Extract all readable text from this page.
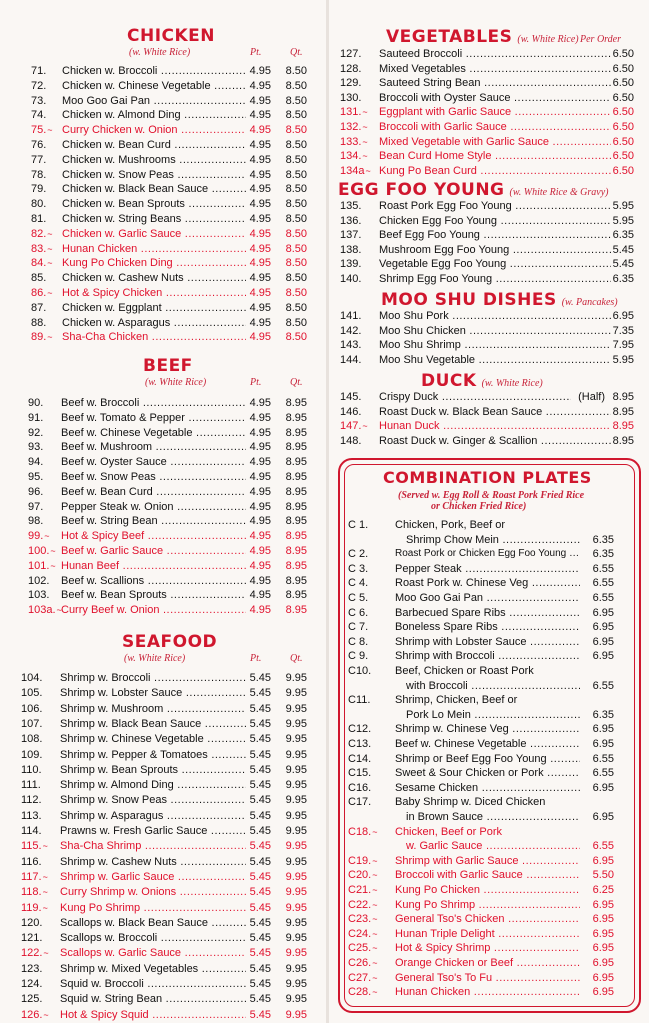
CHICKEN
(w. White Rice)	Pt.	Qt.
71. Chicken w. Broccoli .....	4.95	8.50
72. Chicken w. Chinese Vegetable .....	4.95	8.50
73. Moo Goo Gai Pan .....	4.95	8.50
74. Chicken w. Almond Ding .....	4.95	8.50
75.~ Curry Chicken w. Onion .....	4.95	8.50
76. Chicken w. Bean Curd .....	4.95	8.50
77. Chicken w. Mushrooms .....	4.95	8.50
78. Chicken w. Snow Peas .....	4.95	8.50
79. Chicken w. Black Bean Sauce .....	4.95	8.50
80. Chicken w. Bean Sprouts .....	4.95	8.50
81. Chicken w. String Beans .....	4.95	8.50
82.~ Chicken w. Garlic Sauce .....	4.95	8.50
83.~ Hunan Chicken .....	4.95	8.50
84.~ Kung Po Chicken Ding .....	4.95	8.50
85. Chicken w. Cashew Nuts .....	4.95	8.50
86.~ Hot & Spicy Chicken .....	4.95	8.50
87. Chicken w. Eggplant .....	4.95	8.50
88. Chicken w. Asparagus .....	4.95	8.50
89.~ Sha-Cha Chicken .....	4.95	8.50
BEEF
(w. White Rice)	Pt.	Qt.
90. Beef w. Broccoli .....	4.95	8.95
91. Beef w. Tomato & Pepper .....	4.95	8.95
92. Beef w. Chinese Vegetable .....	4.95	8.95
93. Beef w. Mushroom .....	4.95	8.95
94. Beef w. Oyster Sauce .....	4.95	8.95
95. Beef w. Snow Peas .....	4.95	8.95
96. Beef w. Bean Curd .....	4.95	8.95
97. Pepper Steak w. Onion .....	4.95	8.95
98. Beef w. String Bean .....	4.95	8.95
99.~ Hot & Spicy Beef .....	4.95	8.95
100.~ Beef w. Garlic Sauce .....	4.95	8.95
101.~ Hunan Beef .....	4.95	8.95
102. Beef w. Scallions .....	4.95	8.95
103. Beef w. Bean Sprouts .....	4.95	8.95
103a.~ Curry Beef w. Onion .....	4.95	8.95
SEAFOOD
(w. White Rice)	Pt.	Qt.
104. Shrimp w. Broccoli .....	5.45	9.95
105. Shrimp w. Lobster Sauce .....	5.45	9.95
106. Shrimp w. Mushroom .....	5.45	9.95
107. Shrimp w. Black Bean Sauce .....	5.45	9.95
108. Shrimp w. Chinese Vegetable .....	5.45	9.95
109. Shrimp w. Pepper & Tomatoes .....	5.45	9.95
110. Shrimp w. Bean Sprouts .....	5.45	9.95
111. Shrimp w. Almond Ding .....	5.45	9.95
112. Shrimp w. Snow Peas .....	5.45	9.95
113. Shrimp w. Asparagus .....	5.45	9.95
114. Prawns w. Fresh Garlic Sauce .....	5.45	9.95
115.~ Sha-Cha Shrimp .....	5.45	9.95
116. Shrimp w. Cashew Nuts .....	5.45	9.95
117.~ Shrimp w. Garlic Sauce .....	5.45	9.95
118.~ Curry Shrimp w. Onions .....	5.45	9.95
119.~ Kung Po Shrimp .....	5.45	9.95
120. Scallops w. Black Bean Sauce .....	5.45	9.95
121. Scallops w. Broccoli .....	5.45	9.95
122.~ Scallops w. Garlic Sauce .....	5.45	9.95
123. Shrimp w. Mixed Vegetables .....	5.45	9.95
124. Squid w. Broccoli .....	5.45	9.95
125. Squid w. String Bean .....	5.45	9.95
126.~ Hot & Spicy Squid .....	5.45	9.95
VEGETABLES (w. White Rice) Per Order
127. Sauteed Broccoli .....	6.50
128. Mixed Vegetables .....	6.50
129. Sauteed String Bean .....	6.50
130. Broccoli with Oyster Sauce .....	6.50
131.~ Eggplant with Garlic Sauce .....	6.50
132.~ Broccoli with Garlic Sauce .....	6.50
133.~ Mixed Vegetable with Garlic Sauce .....	6.50
134.~ Bean Curd Home Style .....	6.50
134a~ Kung Po Bean Curd .....	6.50
EGG FOO YOUNG (w. White Rice & Gravy)
135. Roast Pork Egg Foo Young .....	5.95
136. Chicken Egg Foo Young .....	5.95
137. Beef Egg Foo Young .....	6.35
138. Mushroom Egg Foo Young .....	5.45
139. Vegetable Egg Foo Young .....	5.45
140. Shrimp Egg Foo Young .....	6.35
MOO SHU DISHES (w. Pancakes)
141. Moo Shu Pork .....	6.95
142. Moo Shu Chicken .....	7.35
143. Moo Shu Shrimp .....	7.95
144. Moo Shu Vegetable .....	5.95
DUCK (w. White Rice)
145. Crispy Duck .....	(Half) 8.95
146. Roast Duck w. Black Bean Sauce .....	8.95
147.~ Hunan Duck .....	8.95
148. Roast Duck w. Ginger & Scallion .....	8.95
COMBINATION PLATES
(Served w. Egg Roll & Roast Pork Fried Rice
or Chicken Fried Rice)
C 1. Chicken, Pork, Beef or
Shrimp Chow Mein .....	6.35
C 2.	Roast Pork or Chicken Egg Foo Young .....	6.35
C 3. Pepper Steak .....	6.55
C 4. Roast Pork w. Chinese Veg .....	6.55
C 5. Moo Goo Gai Pan .....	6.55
C 6. Barbecued Spare Ribs .....	6.95
C 7. Boneless Spare Ribs .....	6.95
C 8. Shrimp with Lobster Sauce .....	6.95
C 9. Shrimp with Broccoli .....	6.95
C10. Beef, Chicken or Roast Pork
with Broccoli .....	6.55
C11. Shrimp, Chicken, Beef or
Pork Lo Mein .....	6.35
C12. Shrimp w. Chinese Veg .....	6.95
C13. Beef w. Chinese Vegetable .....	6.95
C14. Shrimp or Beef Egg Foo Young .....	6.55
C15. Sweet & Sour Chicken or Pork .....	6.55
C16. Sesame Chicken .....	6.95
C17. Baby Shrimp w. Diced Chicken
in Brown Sauce .....	6.95
C18.~ Chicken, Beef or Pork
w. Garlic Sauce .....	6.55
C19.~ Shrimp with Garlic Sauce .....	6.95
C20.~ Broccoli with Garlic Sauce .....	5.50
C21.~ Kung Po Chicken .....	6.25
C22.~ Kung Po Shrimp .....	6.95
C23.~ General Tso's Chicken .....	6.95
C24.~ Hunan Triple Delight .....	6.95
C25.~ Hot & Spicy Shrimp .....	6.95
C26.~ Orange Chicken or Beef .....	6.95
C27.~ General Tso's To Fu .....	6.95
C28.~ Hunan Chicken .....	6.95
